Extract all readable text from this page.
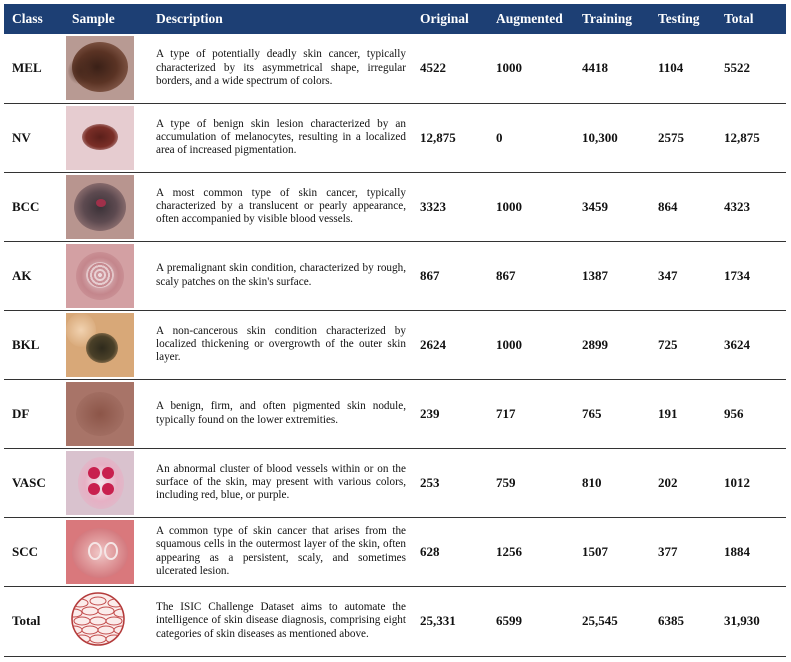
Class	Sample	Description	Original	Augmented	Training	Testing	Total
MEL		A type of potentially deadly skin cancer, typically characterized by its asymmetrical shape, irregular borders, and a wide spectrum of colors.	4522	1000	4418	1104	5522
NV		A type of benign skin lesion characterized by an accumulation of melanocytes, resulting in a localized area of increased pigmentation.	12,875	0	10,300	2575	12,875
BCC		A most common type of skin cancer, typically characterized by a translucent or pearly appearance, often accompanied by visible blood vessels.	3323	1000	3459	864	4323
AK		A premalignant skin condition, characterized by rough, scaly patches on the skin's surface.	867	867	1387	347	1734
BKL		A non-cancerous skin condition characterized by localized thickening or overgrowth of the outer skin layer.	2624	1000	2899	725	3624
DF		A benign, firm, and often pigmented skin nodule, typically found on the lower extremities.	239	717	765	191	956
VASC		An abnormal cluster of blood vessels within or on the surface of the skin, may present with various colors, including red, blue, or purple.	253	759	810	202	1012
SCC		A common type of skin cancer that arises from the squamous cells in the outermost layer of the skin, often appearing as a persistent, scaly, and sometimes ulcerated lesion.	628	1256	1507	377	1884
Total		The ISIC Challenge Dataset aims to automate the intelligence of skin disease diagnosis, comprising eight categories of skin diseases as mentioned above.	25,331	6599	25,545	6385	31,930
